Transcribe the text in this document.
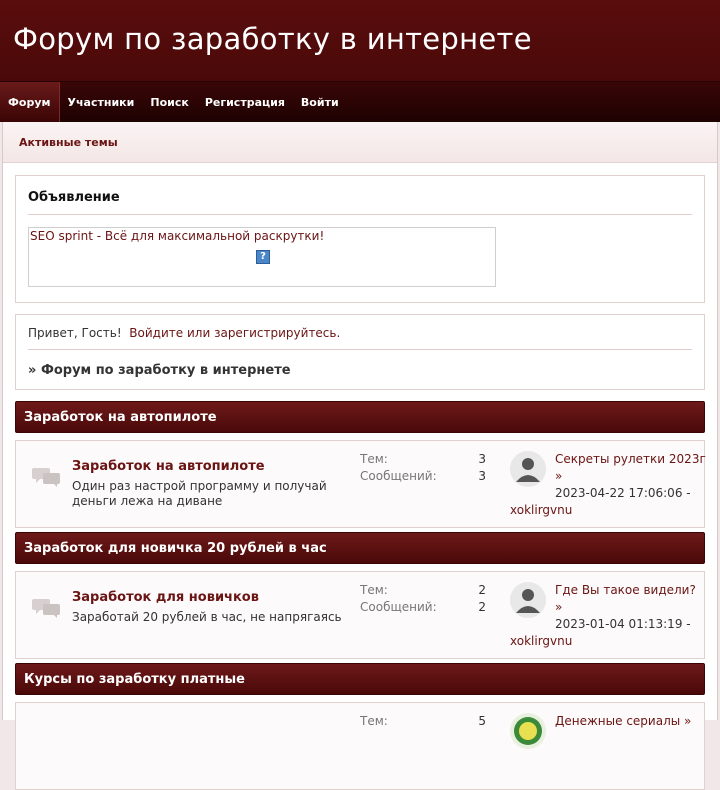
Форум по заработку в интернете
Форум	Участники	Поиск	Регистрация	Войти
Активные темы
Объявление
SEO sprint - Всё для максимальной раскрутки!
?
Привет, Гость! Войдите или зарегистрируйтесь.
» Форум по заработку в интернете
Заработок на автопилоте
Заработок на автопилоте
Один раз настрой программу и получай деньги лежа на диване
Тем:	3
Сообщений:	3
Секреты рулетки 2023г »
2023-04-22 17:06:06 -
xoklirgvnu
Заработок для новичка 20 рублей в час
Заработок для новичков
Заработай 20 рублей в час, не напрягаясь
Тем:	2
Сообщений:	2
Где Вы такое видели? »
2023-01-04 01:13:19 -
xoklirgvnu
Курсы по заработку платные
Тем:	5	Денежные сериалы »
